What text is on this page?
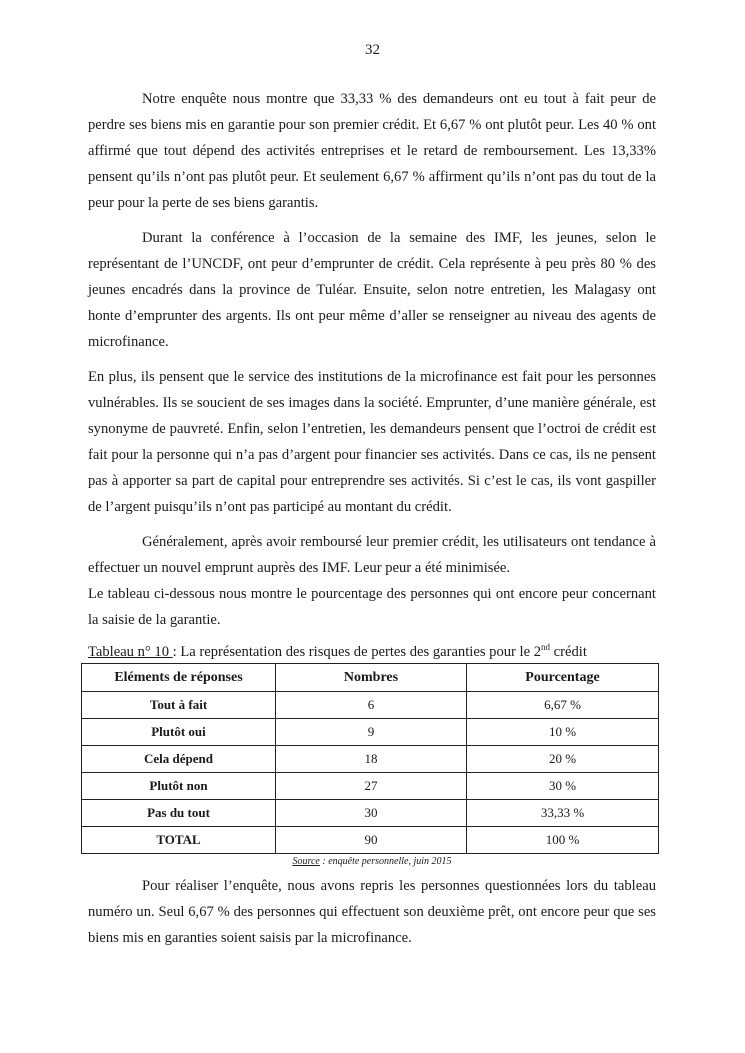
32

Notre enquête nous montre que 33,33 % des demandeurs ont eu tout à fait peur de perdre ses biens mis en garantie pour son premier crédit. Et 6,67 % ont plutôt peur. Les 40 % ont affirmé que tout dépend des activités entreprises et le retard de remboursement. Les 13,33% pensent qu’ils n’ont pas plutôt peur. Et seulement 6,67 % affirment qu’ils n’ont pas du tout de la peur pour la perte de ses biens garantis.

Durant la conférence à l’occasion de la semaine des IMF, les jeunes, selon le représentant de l’UNCDF, ont peur d’emprunter de crédit. Cela représente à peu près 80 % des jeunes encadrés dans la province de Tuléar. Ensuite, selon notre entretien, les Malagasy ont honte d’emprunter des argents. Ils ont peur même d’aller se renseigner au niveau des agents de microfinance.

En plus, ils pensent que le service des institutions de la microfinance est fait pour les personnes vulnérables. Ils se soucient de ses images dans la société. Emprunter, d’une manière générale, est synonyme de pauvreté. Enfin, selon l’entretien, les demandeurs pensent que l’octroi de crédit est fait pour la personne qui n’a pas d’argent pour financier ses activités. Dans ce cas, ils ne pensent pas à apporter sa part de capital pour entreprendre ses activités. Si c’est le cas, ils vont gaspiller de l’argent puisqu’ils n’ont pas participé au montant du crédit.

Généralement, après avoir remboursé leur premier crédit, les utilisateurs ont tendance à effectuer un nouvel emprunt auprès des IMF. Leur peur a été minimisée.

Le tableau ci-dessous nous montre le pourcentage des personnes qui ont encore peur concernant la saisie de la garantie.

Tableau n° 10 : La représentation des risques de pertes des garanties pour le 2nd crédit

Eléments de réponses	Nombres	Pourcentage
Tout à fait	6	6,67 %
Plutôt oui	9	10 %
Cela dépend	18	20 %
Plutôt non	27	30 %
Pas du tout	30	33,33 %
TOTAL	90	100 %

Source : enquête personnelle, juin 2015

Pour réaliser l’enquête, nous avons repris les personnes questionnées lors du tableau numéro un. Seul 6,67 % des personnes qui effectuent son deuxième prêt, ont encore peur que ses biens mis en garanties soient saisis par la microfinance.
